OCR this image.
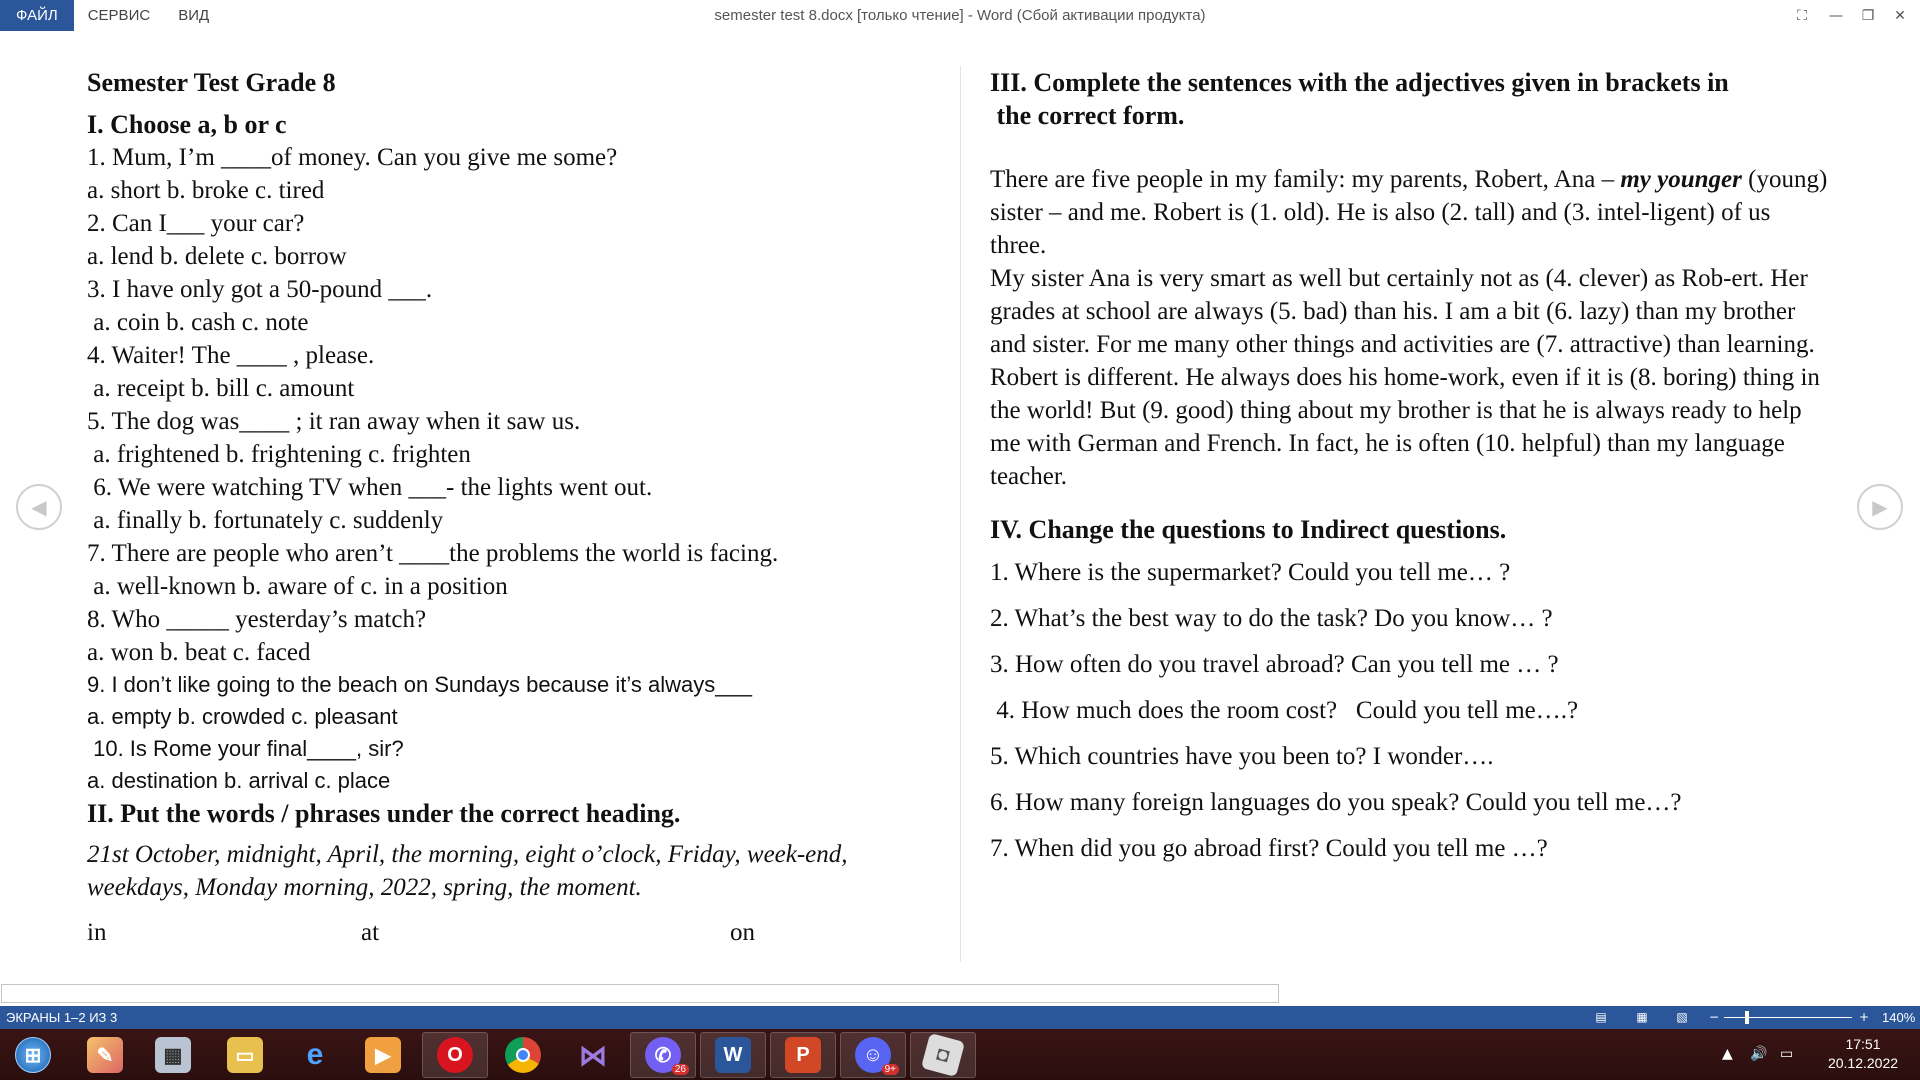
ФАЙЛ	СЕРВИС	ВИД	semester test 8.docx [только чтение] - Word (Сбой активации продукта)	⛶	—	❐	✕
Semester Test Grade 8
I. Choose a, b or c
1. Mum, I’m ____of money. Can you give me some?
a. short b. broke c. tired
2. Can I___ your car?
a. lend b. delete c. borrow
3. I have only got a 50-pound ___.
a. coin b. cash c. note
4. Waiter! The ____ , please.
a. receipt b. bill c. amount
5. The dog was____ ; it ran away when it saw us.
a. frightened b. frightening c. frighten
6. We were watching TV when ___- the lights went out.
a. finally b. fortunately c. suddenly
7. There are people who aren’t ____the problems the world is facing.
a. well-known b. aware of c. in a position
8. Who _____ yesterday’s match?
a. won b. beat c. faced
9. I don’t like going to the beach on Sundays because it’s always___
a. empty b. crowded c. pleasant
10. Is Rome your final____, sir?
a. destination b. arrival c. place
II. Put the words / phrases under the correct heading.
21st October, midnight, April, the morning, eight o’clock, Friday, week-end, weekdays, Monday morning, 2022, spring, the moment.
in	at	on
III. Complete the sentences with the adjectives given in brackets in
the correct form.
There are five people in my family: my parents, Robert, Ana – my younger (young) sister – and me. Robert is (1. old). He is also (2. tall) and (3. intel-ligent) of us three.
My sister Ana is very smart as well but certainly not as (4. clever) as Rob-ert. Her grades at school are always (5. bad) than his. I am a bit (6. lazy) than my brother and sister. For me many other things and activities are (7. attractive) than learning. Robert is different. He always does his home-work, even if it is (8. boring) thing in the world! But (9. good) thing about my brother is that he is always ready to help me with German and French. In fact, he is often (10. helpful) than my language teacher.
IV. Change the questions to Indirect questions.
1. Where is the supermarket? Could you tell me… ?
2. What’s the best way to do the task? Do you know… ?
3. How often do you travel abroad? Can you tell me … ?
4. How much does the room cost?   Could you tell me….?
5. Which countries have you been to? I wonder….
6. How many foreign languages do you speak? Could you tell me…?
7. When did you go abroad first? Could you tell me …?
◀	▶
ЭКРАНЫ 1–2 ИЗ 3	▤ ▦ ▧ −	+ 140%
⊞	✎	▦	▭	e	▶	O	⋈	✆
26
W	P	☺
9+
◘	▲ 🔊 ▭
17:51
20.12.2022
